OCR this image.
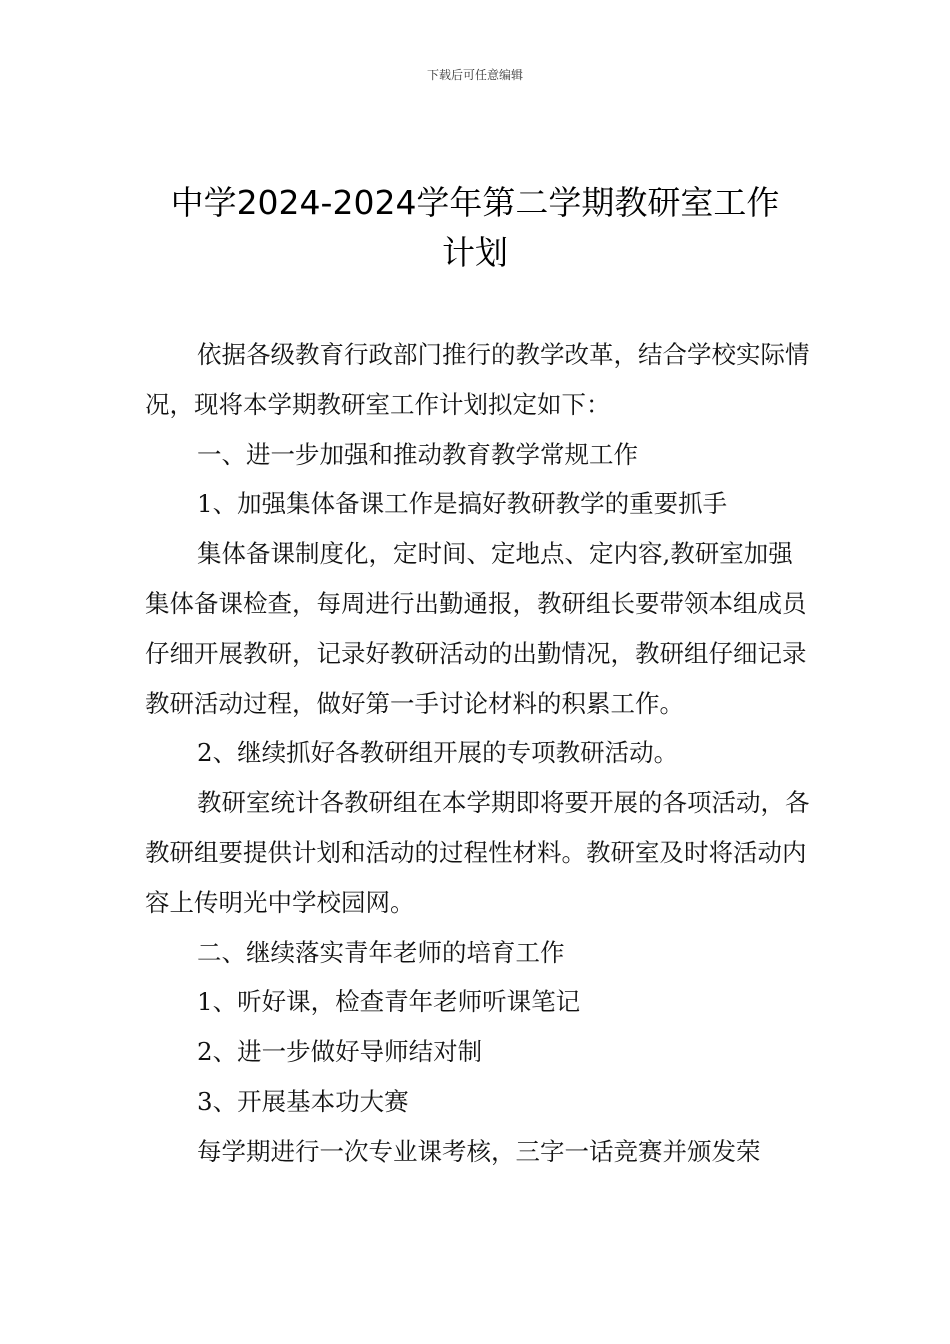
下载后可任意编辑
中学2024-2024学年第二学期教研室工作
计划

依据各级教育行政部门推行的教学改革，结合学校实际情况，现将本学期教研室工作计划拟定如下：

一、进一步加强和推动教育教学常规工作

1、加强集体备课工作是搞好教研教学的重要抓手

集体备课制度化，定时间、定地点、定内容,教研室加强集体备课检查，每周进行出勤通报，教研组长要带领本组成员仔细开展教研，记录好教研活动的出勤情况，教研组仔细记录教研活动过程，做好第一手讨论材料的积累工作。

2、继续抓好各教研组开展的专项教研活动。

教研室统计各教研组在本学期即将要开展的各项活动，各教研组要提供计划和活动的过程性材料。教研室及时将活动内容上传明光中学校园网。

二、继续落实青年老师的培育工作

1、听好课，检查青年老师听课笔记

2、进一步做好导师结对制

3、开展基本功大赛

每学期进行一次专业课考核，三字一话竞赛并颁发荣
